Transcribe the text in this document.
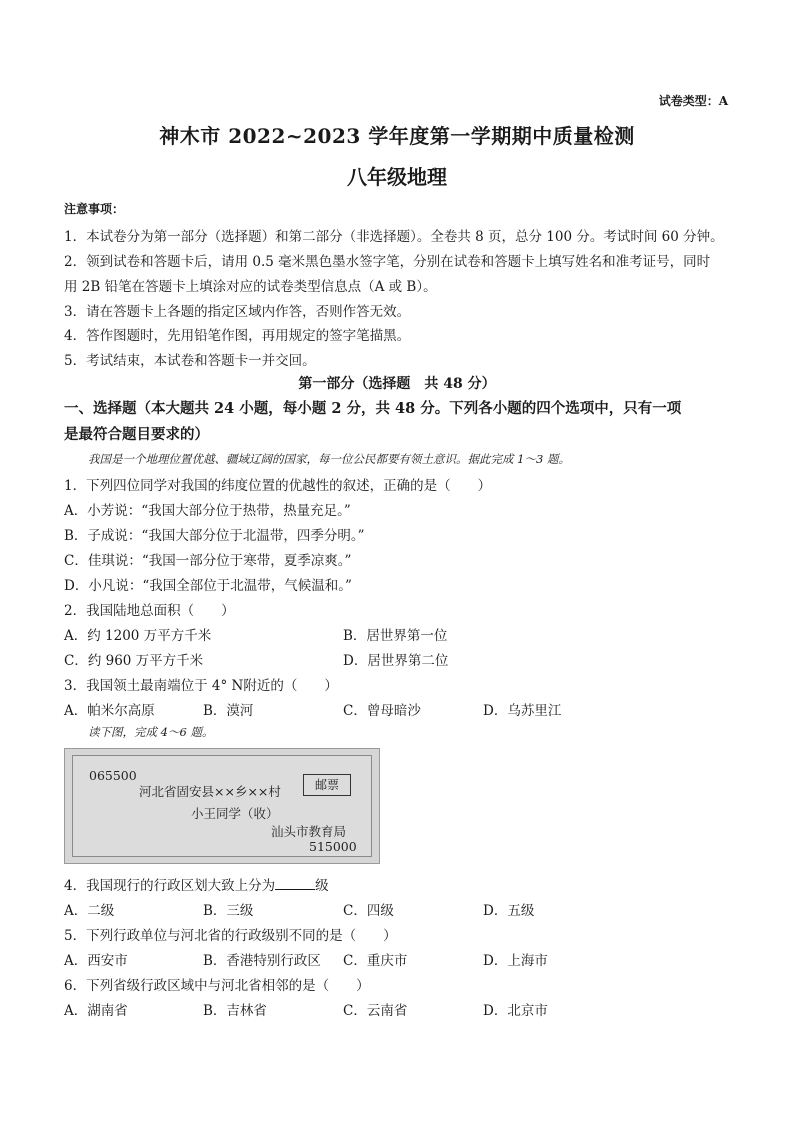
试卷类型：A
神木市 2022~2023 学年度第一学期期中质量检测
八年级地理
注意事项：
1．本试卷分为第一部分（选择题）和第二部分（非选择题）。全卷共 8 页，总分 100 分。考试时间 60 分钟。
2．领到试卷和答题卡后，请用 0.5 毫米黑色墨水签字笔，分别在试卷和答题卡上填写姓名和准考证号，同时
用 2B 铅笔在答题卡上填涂对应的试卷类型信息点（A 或 B）。
3．请在答题卡上各题的指定区域内作答，否则作答无效。
4．答作图题时，先用铅笔作图，再用规定的签字笔描黑。
5．考试结束，本试卷和答题卡一并交回。
第一部分（选择题　共 48 分）
一、选择题（本大题共 24 小题，每小题 2 分，共 48 分。下列各小题的四个选项中，只有一项
是最符合题目要求的）
我国是一个地理位置优越、疆域辽阔的国家，每一位公民都要有领土意识。据此完成 1～3 题。
1．下列四位同学对我国的纬度位置的优越性的叙述，正确的是（　　）
A．小芳说：“我国大部分位于热带，热量充足。”
B．子成说：“我国大部分位于北温带，四季分明。”
C．佳琪说：“我国一部分位于寒带，夏季凉爽。”
D．小凡说：“我国全部位于北温带，气候温和。”
2．我国陆地总面积（　　）
A．约 1200 万平方千米	B．居世界第一位
C．约 960 万平方千米	D．居世界第二位
3．我国领土最南端位于 4° N附近的（　　）
A．帕米尔高原	B．漠河	C．曾母暗沙	D．乌苏里江
读下图，完成 4～6 题。
065500
河北省固安县××乡××村	邮票
小王同学（收）
汕头市教育局
515000
4．我国现行的行政区划大致上分为	级
A．二级	B．三级	C．四级	D．五级
5．下列行政单位与河北省的行政级别不同的是（　　）
A．西安市	B．香港特别行政区 C．重庆市	D．上海市
6．下列省级行政区域中与河北省相邻的是（　　）
A．湖南省	B．吉林省	C．云南省	D．北京市
